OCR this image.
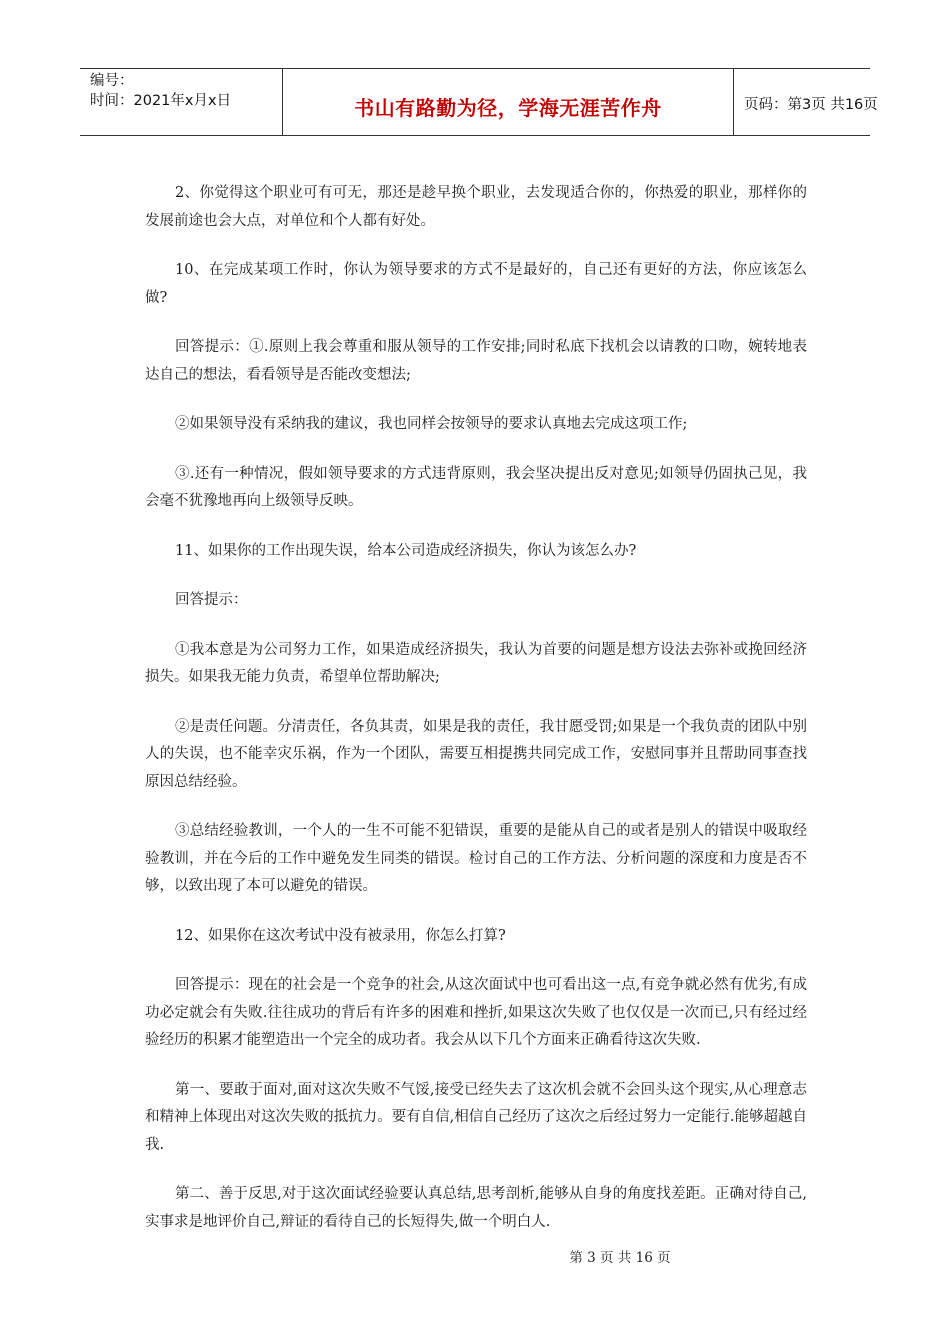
编号：
时间：2021年x月x日	书山有路勤为径，学海无涯苦作舟	页码：第3页 共16页

2、你觉得这个职业可有可无，那还是趁早换个职业，去发现适合你的，你热爱的职业，那样你的发展前途也会大点，对单位和个人都有好处。

10、在完成某项工作时，你认为领导要求的方式不是最好的，自己还有更好的方法，你应该怎么做?

回答提示：①.原则上我会尊重和服从领导的工作安排;同时私底下找机会以请教的口吻，婉转地表达自己的想法，看看领导是否能改变想法;

②如果领导没有采纳我的建议，我也同样会按领导的要求认真地去完成这项工作;

③.还有一种情况，假如领导要求的方式违背原则，我会坚决提出反对意见;如领导仍固执己见，我会毫不犹豫地再向上级领导反映。

11、如果你的工作出现失误，给本公司造成经济损失，你认为该怎么办?

回答提示：

①我本意是为公司努力工作，如果造成经济损失，我认为首要的问题是想方设法去弥补或挽回经济损失。如果我无能力负责，希望单位帮助解决;

②是责任问题。分清责任，各负其责，如果是我的责任，我甘愿受罚;如果是一个我负责的团队中别人的失误，也不能幸灾乐祸，作为一个团队，需要互相提携共同完成工作，安慰同事并且帮助同事查找原因总结经验。

③总结经验教训，一个人的一生不可能不犯错误，重要的是能从自己的或者是别人的错误中吸取经验教训，并在今后的工作中避免发生同类的错误。检讨自己的工作方法、分析问题的深度和力度是否不够，以致出现了本可以避免的错误。

12、如果你在这次考试中没有被录用，你怎么打算?

回答提示：现在的社会是一个竞争的社会,从这次面试中也可看出这一点,有竞争就必然有优劣,有成功必定就会有失败.往往成功的背后有许多的困难和挫折,如果这次失败了也仅仅是一次而已,只有经过经验经历的积累才能塑造出一个完全的成功者。我会从以下几个方面来正确看待这次失败.

第一、要敢于面对,面对这次失败不气馁,接受已经失去了这次机会就不会回头这个现实,从心理意志和精神上体现出对这次失败的抵抗力。要有自信,相信自己经历了这次之后经过努力一定能行.能够超越自我.

第二、善于反思,对于这次面试经验要认真总结,思考剖析,能够从自身的角度找差距。正确对待自己,实事求是地评价自己,辩证的看待自己的长短得失,做一个明白人.

第 3 页 共 16 页
